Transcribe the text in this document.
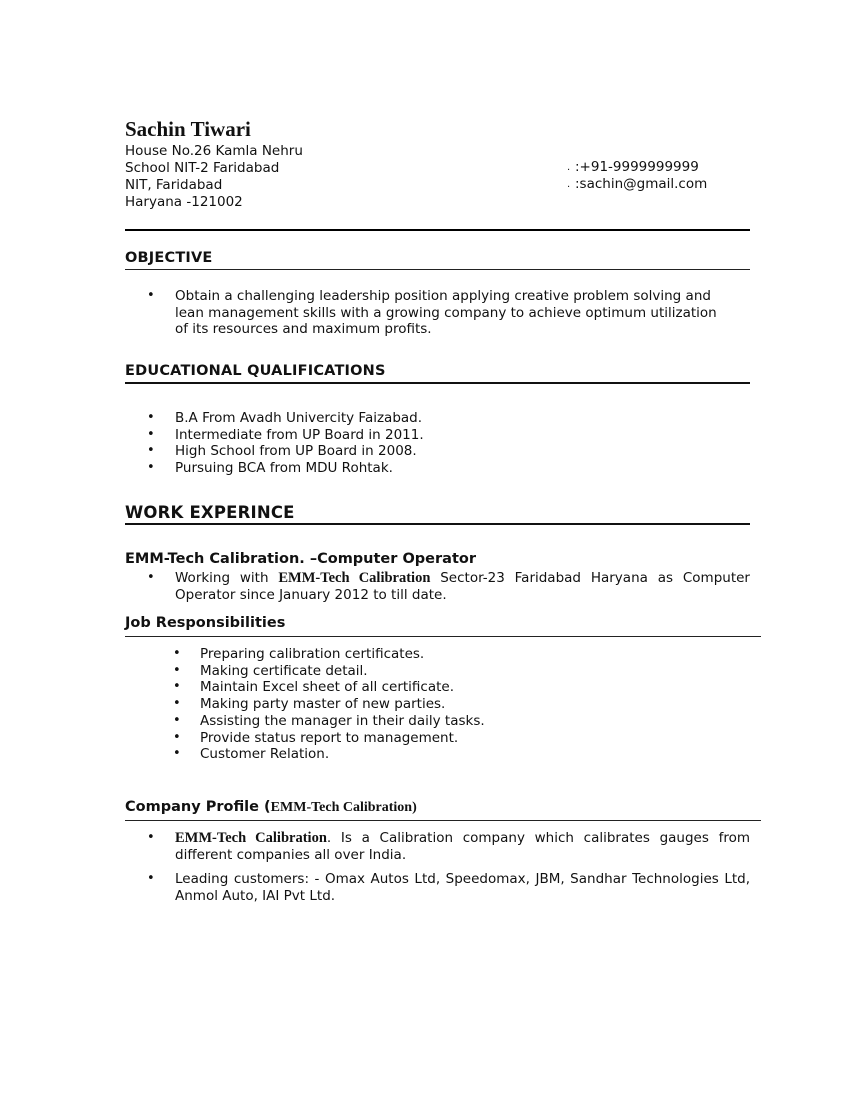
Sachin Tiwari
House No.26 Kamla Nehru
School NIT-2 Faridabad
NIT, Faridabad
Haryana -121002
. :+91-9999999999
. :sachin@gmail.com
OBJECTIVE
• Obtain a challenging leadership position applying creative problem solving and lean management skills with a growing company to achieve optimum utilization of its resources and maximum profits.
EDUCATIONAL QUALIFICATIONS
• B.A From Avadh Univercity Faizabad.
• Intermediate from UP Board in 2011.
• High School from UP Board in 2008.
• Pursuing BCA from MDU Rohtak.
WORK EXPERINCE
EMM-Tech Calibration. –Computer Operator
• Working with EMM-Tech Calibration Sector-23 Faridabad Haryana as Computer Operator since January 2012 to till date.
Job Responsibilities
• Preparing calibration certificates.
• Making certificate detail.
• Maintain Excel sheet of all certificate.
• Making party master of new parties.
• Assisting the manager in their daily tasks.
• Provide status report to management.
• Customer Relation.
Company Profile (EMM-Tech Calibration)
• EMM-Tech Calibration. Is a Calibration company which calibrates gauges from different companies all over India.
• Leading customers: - Omax Autos Ltd, Speedomax, JBM, Sandhar Technologies Ltd, Anmol Auto, IAI Pvt Ltd.
